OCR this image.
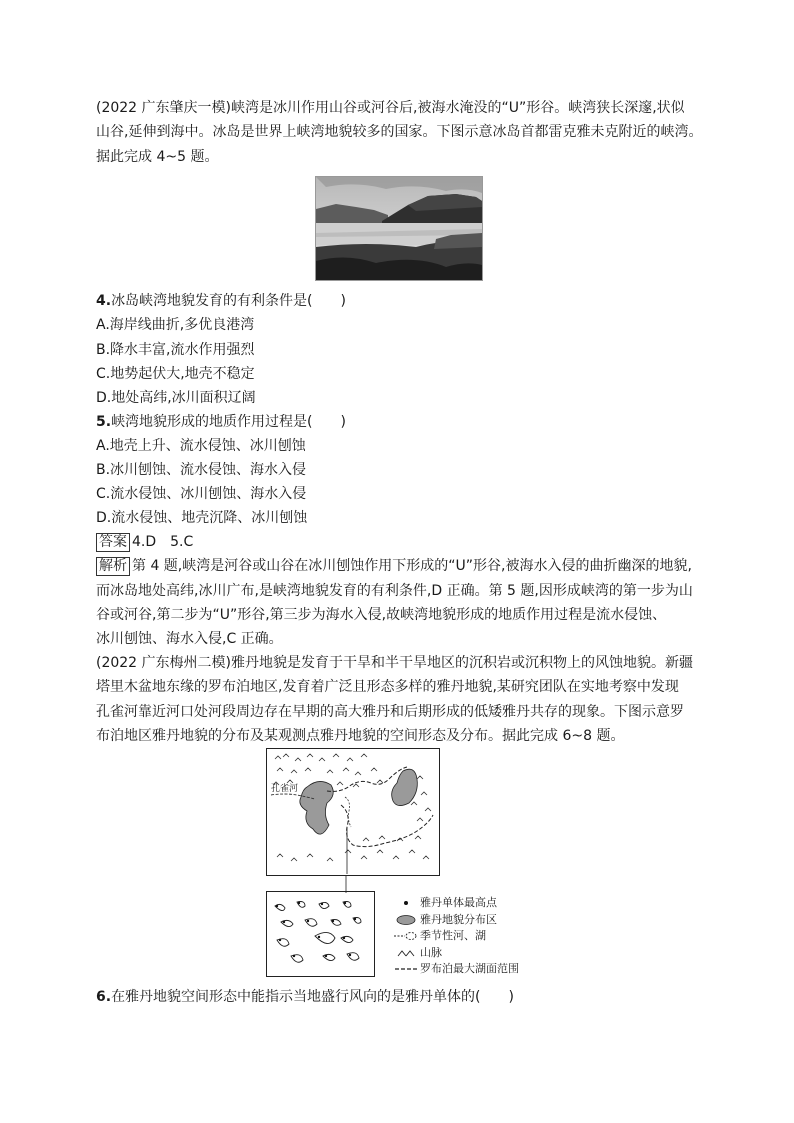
(2022 广东肇庆一模)峡湾是冰川作用山谷或河谷后,被海水淹没的“U”形谷。峡湾狭长深邃,状似
山谷,延伸到海中。冰岛是世界上峡湾地貌较多的国家。下图示意冰岛首都雷克雅未克附近的峡湾。
据此完成 4~5 题。
4.冰岛峡湾地貌发育的有利条件是(　　)
A.海岸线曲折,多优良港湾
B.降水丰富,流水作用强烈
C.地势起伏大,地壳不稳定
D.地处高纬,冰川面积辽阔
5.峡湾地貌形成的地质作用过程是(　　)
A.地壳上升、流水侵蚀、冰川刨蚀
B.冰川刨蚀、流水侵蚀、海水入侵
C.流水侵蚀、冰川刨蚀、海水入侵
D.流水侵蚀、地壳沉降、冰川刨蚀
答案 4.D　5.C
解析 第 4 题,峡湾是河谷或山谷在冰川刨蚀作用下形成的“U”形谷,被海水入侵的曲折幽深的地貌,
而冰岛地处高纬,冰川广布,是峡湾地貌发育的有利条件,D 正确。第 5 题,因形成峡湾的第一步为山
谷或河谷,第二步为“U”形谷,第三步为海水入侵,故峡湾地貌形成的地质作用过程是流水侵蚀、
冰川刨蚀、海水入侵,C 正确。
(2022 广东梅州二模)雅丹地貌是发育于干旱和半干旱地区的沉积岩或沉积物上的风蚀地貌。新疆
塔里木盆地东缘的罗布泊地区,发育着广泛且形态多样的雅丹地貌,某研究团队在实地考察中发现
孔雀河靠近河口处河段周边存在早期的高大雅丹和后期形成的低矮雅丹共存的现象。下图示意罗
布泊地区雅丹地貌的分布及某观测点雅丹地貌的空间形态及分布。据此完成 6~8 题。
孔雀河
雅丹单体最高点
雅丹地貌分布区
季节性河、湖
山脉
罗布泊最大湖面范围
6.在雅丹地貌空间形态中能指示当地盛行风向的是雅丹单体的(　　)
